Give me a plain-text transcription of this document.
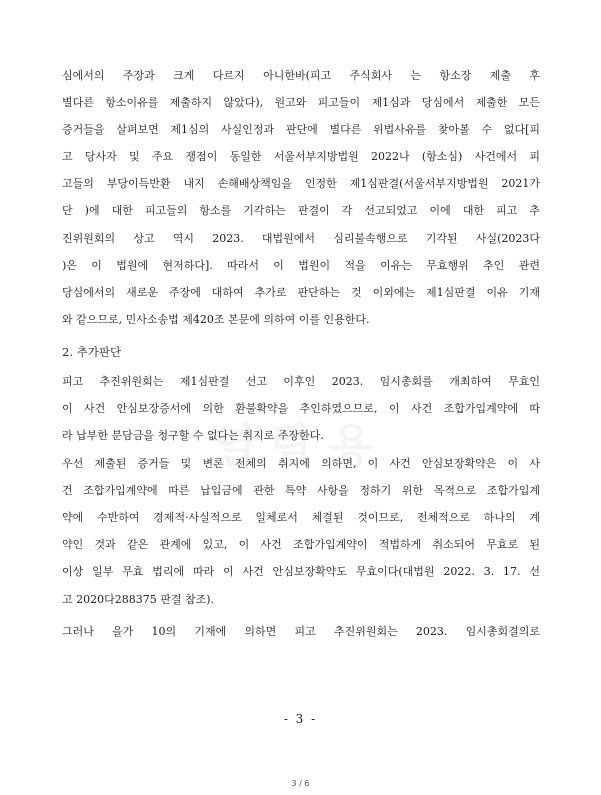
심에서의 주장과 크게 다르지 아니한바(피고 주식회사 는 항소장 제출 후
별다른 항소이유를 제출하지 않았다), 원고와 피고들이 제1심과 당심에서 제출한 모든
증거들을 살펴보면 제1심의 사실인정과 판단에 별다른 위법사유를 찾아볼 수 없다[피
고 당사자 및 주요 쟁점이 동일한 서울서부지방법원 2022나 (항소심) 사건에서 피
고들의 부당이득반환 내지 손해배상책임을 인정한 제1심판결(서울서부지방법원 2021가
단 )에 대한 피고들의 항소를 기각하는 판결이 각 선고되었고 이에 대한 피고 추
진위원회의 상고 역시 2023. 대법원에서 심리불속행으로 기각된 사실(2023다
)은 이 법원에 현저하다]. 따라서 이 법원이 적을 이유는 무효행위 추인 관련
당심에서의 새로운 주장에 대하여 추가로 판단하는 것 이외에는 제1심판결 이유 기재
와 같으므로, 민사소송법 제420조 본문에 의하여 이를 인용한다.
2. 추가판단
피고 추진위원회는 제1심판결 선고 이후인 2023. 임시총회를 개최하여 무효인
이 사건 안심보장증서에 의한 환불확약을 추인하였으므로, 이 사건 조합가입계약에 따
라 납부한 분담금을 청구할 수 없다는 취지로 주장한다.
우선 제출된 증거들 및 변론 전체의 취지에 의하면, 이 사건 안심보장확약은 이 사
건 조합가입계약에 따른 납입금에 관한 특약 사항을 정하기 위한 목적으로 조합가입계
약에 수반하여 경제적·사실적으로 일체로서 체결된 것이므로, 전체적으로 하나의 계
약인 것과 같은 관계에 있고, 이 사건 조합가입계약이 적법하게 취소되어 무효로 된
이상 일부 무효 법리에 따라 이 사건 안심보장확약도 무효이다(대법원 2022. 3. 17. 선
고 2020다288375 판결 참조).
그러나 을가 10의 기재에 의하면 피고 추진위원회는 2023. 임시총회결의로
- 3 -
3 / 6
